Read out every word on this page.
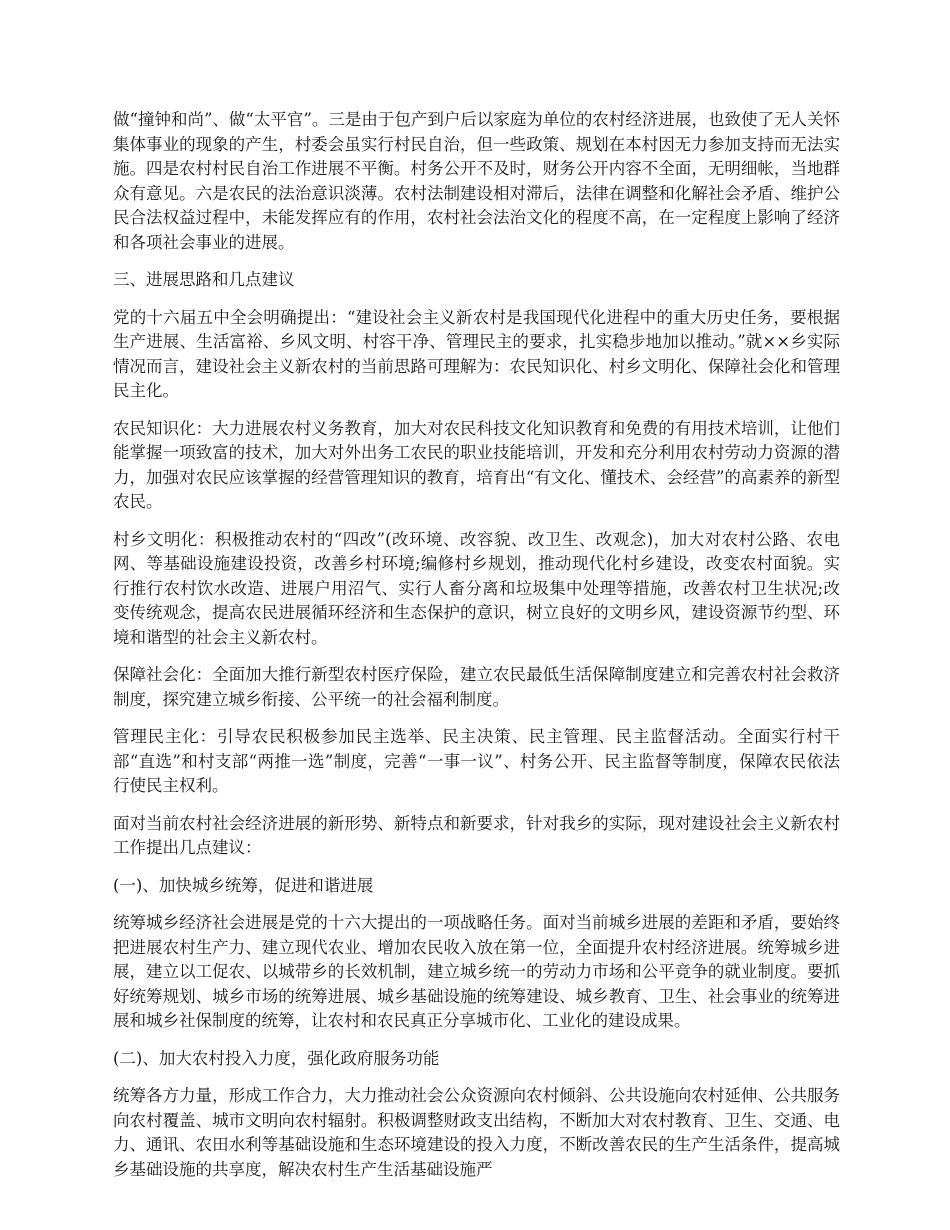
做“撞钟和尚”、做“太平官”。三是由于包产到户后以家庭为单位的农村经济进展，也致使了无人关怀集体事业的现象的产生，村委会虽实行村民自治，但一些政策、规划在本村因无力参加支持而无法实施。四是农村村民自治工作进展不平衡。村务公开不及时，财务公开内容不全面，无明细帐，当地群众有意见。六是农民的法治意识淡薄。农村法制建设相对滞后，法律在调整和化解社会矛盾、维护公民合法权益过程中，未能发挥应有的作用，农村社会法治文化的程度不高，在一定程度上影响了经济和各项社会事业的进展。

三、进展思路和几点建议

党的十六届五中全会明确提出：“建设社会主义新农村是我国现代化进程中的重大历史任务，要根据生产进展、生活富裕、乡风文明、村容干净、管理民主的要求，扎实稳步地加以推动。”就××乡实际情况而言，建设社会主义新农村的当前思路可理解为：农民知识化、村乡文明化、保障社会化和管理民主化。

农民知识化：大力进展农村义务教育，加大对农民科技文化知识教育和免费的有用技术培训，让他们能掌握一项致富的技术，加大对外出务工农民的职业技能培训，开发和充分利用农村劳动力资源的潜力，加强对农民应该掌握的经营管理知识的教育，培育出“有文化、懂技术、会经营”的高素养的新型农民。

村乡文明化：积极推动农村的“四改”(改环境、改容貌、改卫生、改观念)，加大对农村公路、农电网、等基础设施建设投资，改善乡村环境;编修村乡规划，推动现代化村乡建设，改变农村面貌。实行推行农村饮水改造、进展户用沼气、实行人畜分离和垃圾集中处理等措施，改善农村卫生状况;改变传统观念，提高农民进展循环经济和生态保护的意识，树立良好的文明乡风，建设资源节约型、环境和谐型的社会主义新农村。

保障社会化：全面加大推行新型农村医疗保险，建立农民最低生活保障制度建立和完善农村社会救济制度，探究建立城乡衔接、公平统一的社会福利制度。

管理民主化：引导农民积极参加民主选举、民主决策、民主管理、民主监督活动。全面实行村干部“直选”和村支部“两推一选”制度，完善“一事一议”、村务公开、民主监督等制度，保障农民依法行使民主权利。

面对当前农村社会经济进展的新形势、新特点和新要求，针对我乡的实际，现对建设社会主义新农村工作提出几点建议：

(一)、加快城乡统筹，促进和谐进展

统筹城乡经济社会进展是党的十六大提出的一项战略任务。面对当前城乡进展的差距和矛盾，要始终把进展农村生产力、建立现代农业、增加农民收入放在第一位，全面提升农村经济进展。统筹城乡进展，建立以工促农、以城带乡的长效机制，建立城乡统一的劳动力市场和公平竞争的就业制度。要抓好统筹规划、城乡市场的统筹进展、城乡基础设施的统筹建设、城乡教育、卫生、社会事业的统筹进展和城乡社保制度的统筹，让农村和农民真正分享城市化、工业化的建设成果。

(二)、加大农村投入力度，强化政府服务功能

统筹各方力量，形成工作合力，大力推动社会公众资源向农村倾斜、公共设施向农村延伸、公共服务向农村覆盖、城市文明向农村辐射。积极调整财政支出结构，不断加大对农村教育、卫生、交通、电力、通讯、农田水利等基础设施和生态环境建设的投入力度，不断改善农民的生产生活条件，提高城乡基础设施的共享度，解决农村生产生活基础设施严
